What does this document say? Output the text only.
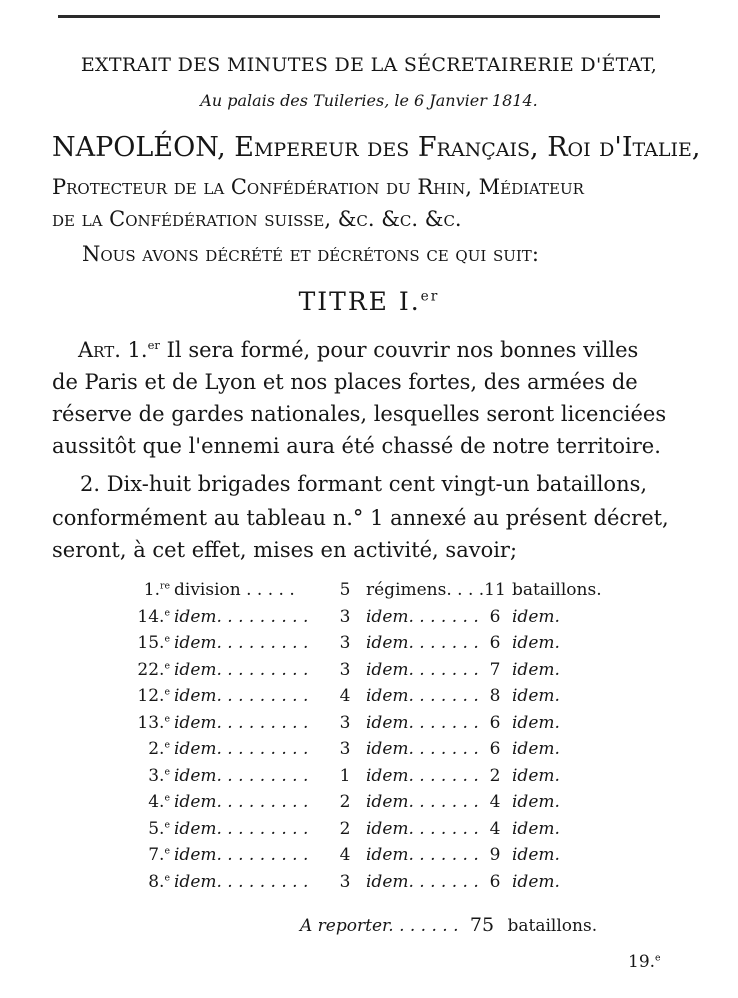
EXTRAIT DES MINUTES DE LA SÉCRETAIRERIE D'ÉTAT,
Au palais des Tuileries, le 6 Janvier 1814.
NAPOLÉON, Empereur des Français, Roi d'Italie,
Protecteur de la Confédération du Rhin, Médiateur
de la Confédération suisse, &c. &c. &c.
Nous avons décrété et décrétons ce qui suit:
TITRE I.$^{er}$
Art. 1.$^{er}$ Il sera formé, pour couvrir nos bonnes villes
de Paris et de Lyon et nos places fortes, des armées de
réserve de gardes nationales, lesquelles seront licenciées
aussitôt que l'ennemi aura été chassé de notre territoire.
2. Dix-huit brigades formant cent vingt-un bataillons,
conformément au tableau n.° 1 annexé au présent décret,
seront, à cet effet, mises en activité, savoir;
1.$^{re}$ division . . . . .	5 régimens. . . . 11 bataillons.
14.$^e$ idem. . . . . . . . .	3 idem. . . . . . . 6 idem.
15.$^e$ idem. . . . . . . . .	3 idem. . . . . . . 6 idem.
22.$^e$ idem. . . . . . . . .	3 idem. . . . . . . 7 idem.
12.$^e$ idem. . . . . . . . .	4 idem. . . . . . . 8 idem.
13.$^e$ idem. . . . . . . . .	3 idem. . . . . . . 6 idem.
2.$^e$ idem. . . . . . . . .	3 idem. . . . . . . 6 idem.
3.$^e$ idem. . . . . . . . .	1 idem. . . . . . . 2 idem.
4.$^e$ idem. . . . . . . . .	2 idem. . . . . . . 4 idem.
5.$^e$ idem. . . . . . . . .	2 idem. . . . . . . 4 idem.
7.$^e$ idem. . . . . . . . .	4 idem. . . . . . . 9 idem.
8.$^e$ idem. . . . . . . . .	3 idem. . . . . . . 6 idem.
A reporter. . . . . . . 75 bataillons.
19.$^e$
